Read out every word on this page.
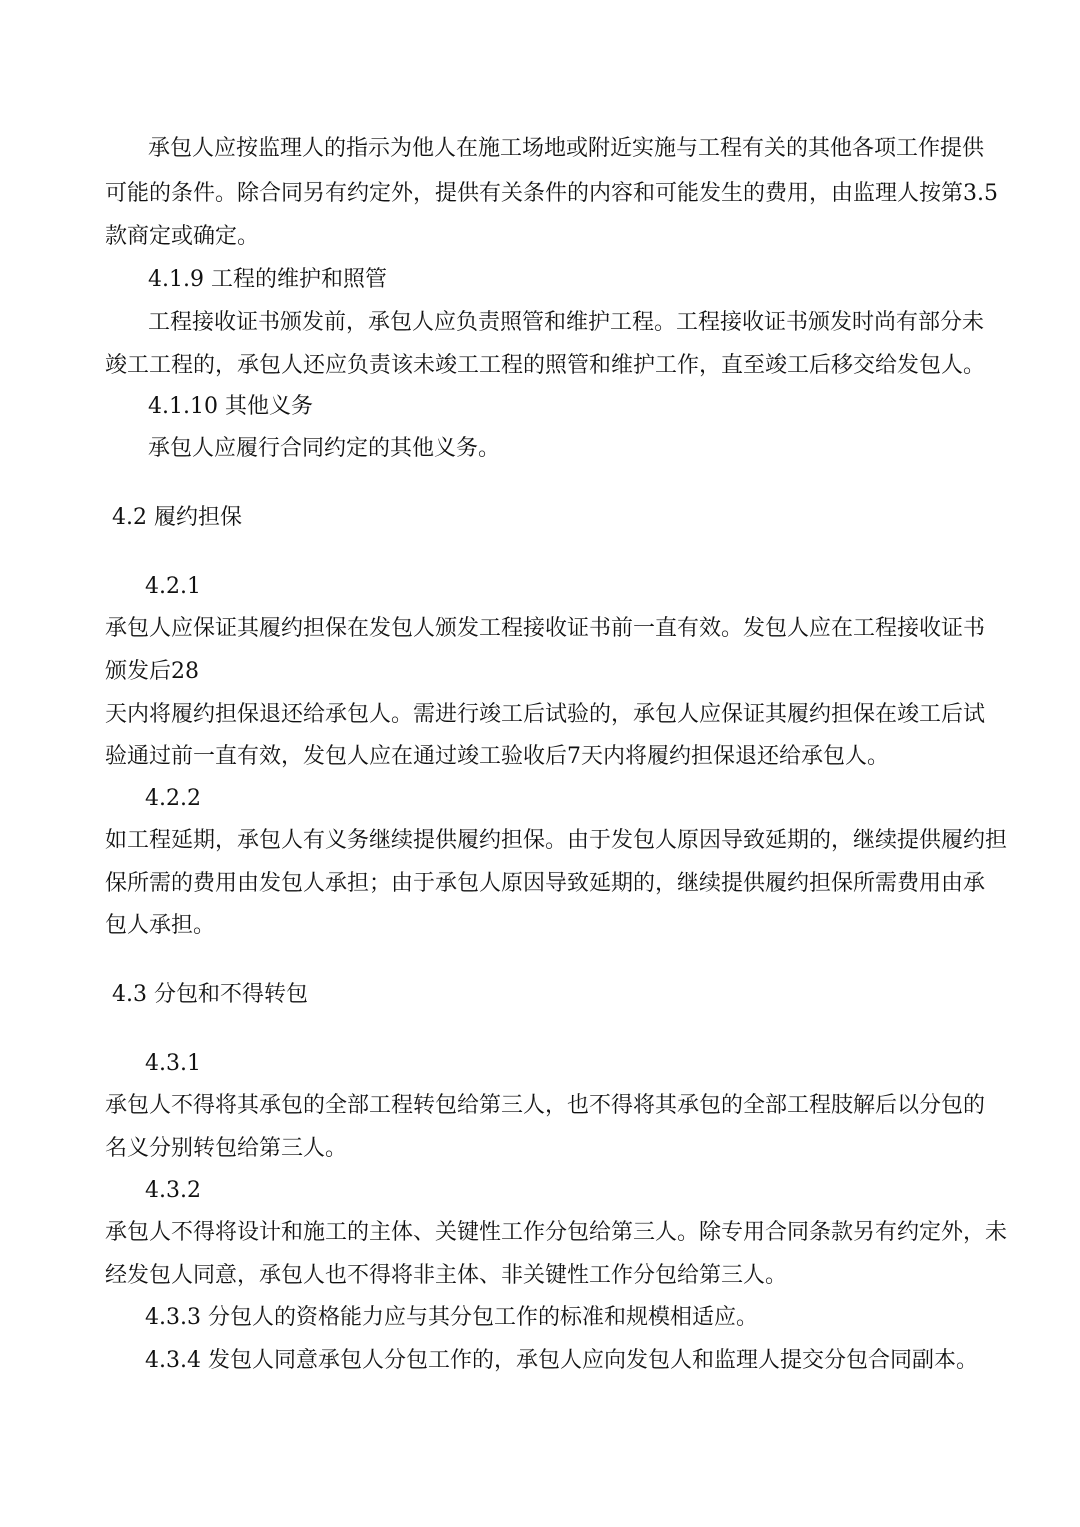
承包人应按监理人的指示为他人在施工场地或附近实施与工程有关的其他各项工作提供
可能的条件。除合同另有约定外，提供有关条件的内容和可能发生的费用，由监理人按第3.5
款商定或确定。
4.1.9 工程的维护和照管
工程接收证书颁发前，承包人应负责照管和维护工程。工程接收证书颁发时尚有部分未
竣工工程的，承包人还应负责该未竣工工程的照管和维护工作，直至竣工后移交给发包人。
4.1.10 其他义务
承包人应履行合同约定的其他义务。
4.2 履约担保
4.2.1
承包人应保证其履约担保在发包人颁发工程接收证书前一直有效。发包人应在工程接收证书
颁发后28
天内将履约担保退还给承包人。需进行竣工后试验的，承包人应保证其履约担保在竣工后试
验通过前一直有效，发包人应在通过竣工验收后7天内将履约担保退还给承包人。
4.2.2
如工程延期，承包人有义务继续提供履约担保。由于发包人原因导致延期的，继续提供履约担
保所需的费用由发包人承担；由于承包人原因导致延期的，继续提供履约担保所需费用由承
包人承担。
4.3 分包和不得转包
4.3.1
承包人不得将其承包的全部工程转包给第三人，也不得将其承包的全部工程肢解后以分包的
名义分别转包给第三人。
4.3.2
承包人不得将设计和施工的主体、关键性工作分包给第三人。除专用合同条款另有约定外，未
经发包人同意，承包人也不得将非主体、非关键性工作分包给第三人。
4.3.3 分包人的资格能力应与其分包工作的标准和规模相适应。
4.3.4 发包人同意承包人分包工作的，承包人应向发包人和监理人提交分包合同副本。
